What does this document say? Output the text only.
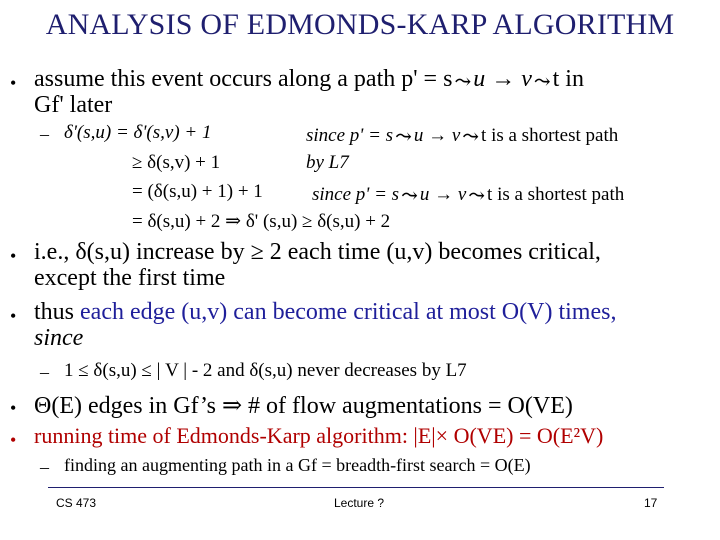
ANALYSIS OF EDMONDS-KARP ALGORITHM
• assume this event occurs along a path p' = s ⤳u → v ⤳t in
Gf' later
– δ'(s,u) = δ'(s,v) + 1	since p' = s ⤳ u → v ⤳ t is a shortest path
≥ δ(s,v) + 1	by L7
= (δ(s,u) + 1) + 1	since p' = s ⤳ u → v ⤳ t is a shortest path
= δ(s,u) + 2 ⇒ δ' (s,u) ≥ δ(s,u) + 2
• i.e., δ(s,u) increase by ≥ 2 each time (u,v) becomes critical,
except the first time
• thus each edge (u,v) can become critical at most O(V) times,
since
– 1 ≤ δ(s,u) ≤ | V | - 2 and δ(s,u) never decreases by L7
• Θ(E) edges in Gf’s ⇒ # of flow augmentations = O(VE)
• running time of Edmonds-Karp algorithm: |E|× O(VE) = O(E²V)
– finding an augmenting path in a Gf = breadth-first search = O(E)
CS 473	Lecture ?	17
